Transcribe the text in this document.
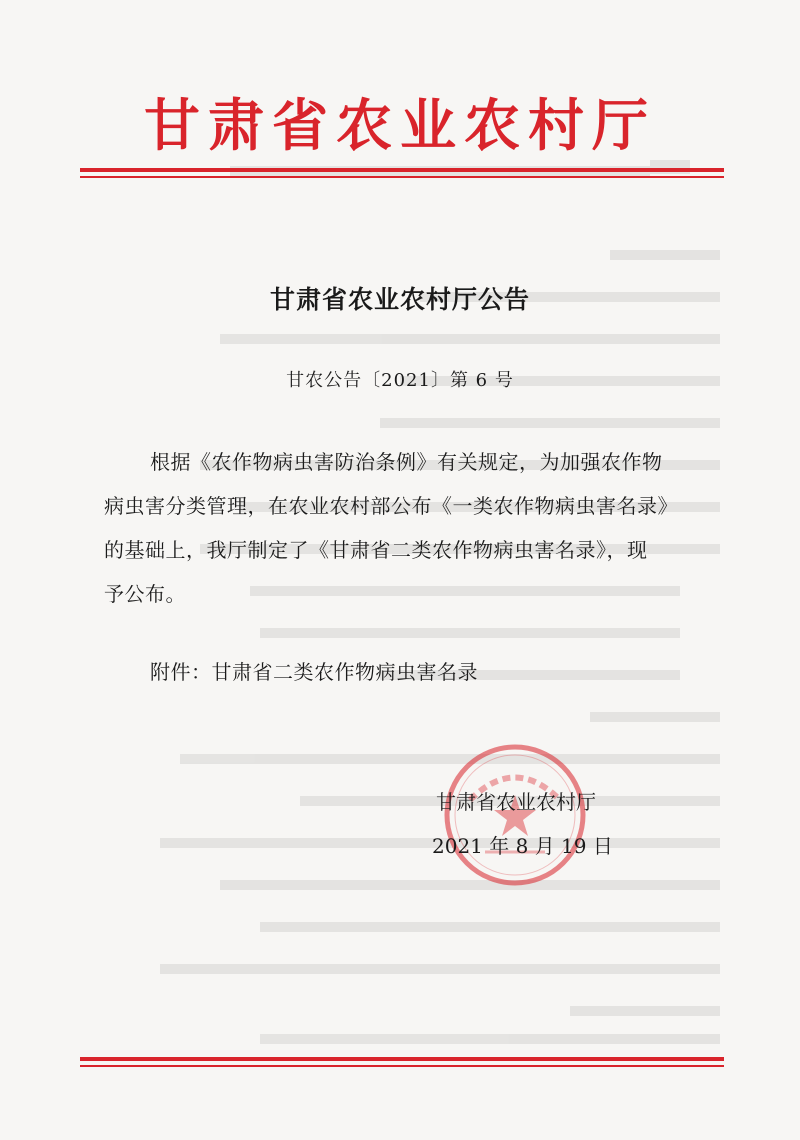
甘肃省农业农村厅
甘肃省农业农村厅公告
甘农公告〔2021〕第 6 号
根据《农作物病虫害防治条例》有关规定，为加强农作物
病虫害分类管理，在农业农村部公布《一类农作物病虫害名录》
的基础上，我厅制定了《甘肃省二类农作物病虫害名录》，现
予公布。
附件：甘肃省二类农作物病虫害名录
甘肃省农业农村厅
2021 年 8 月 19 日
